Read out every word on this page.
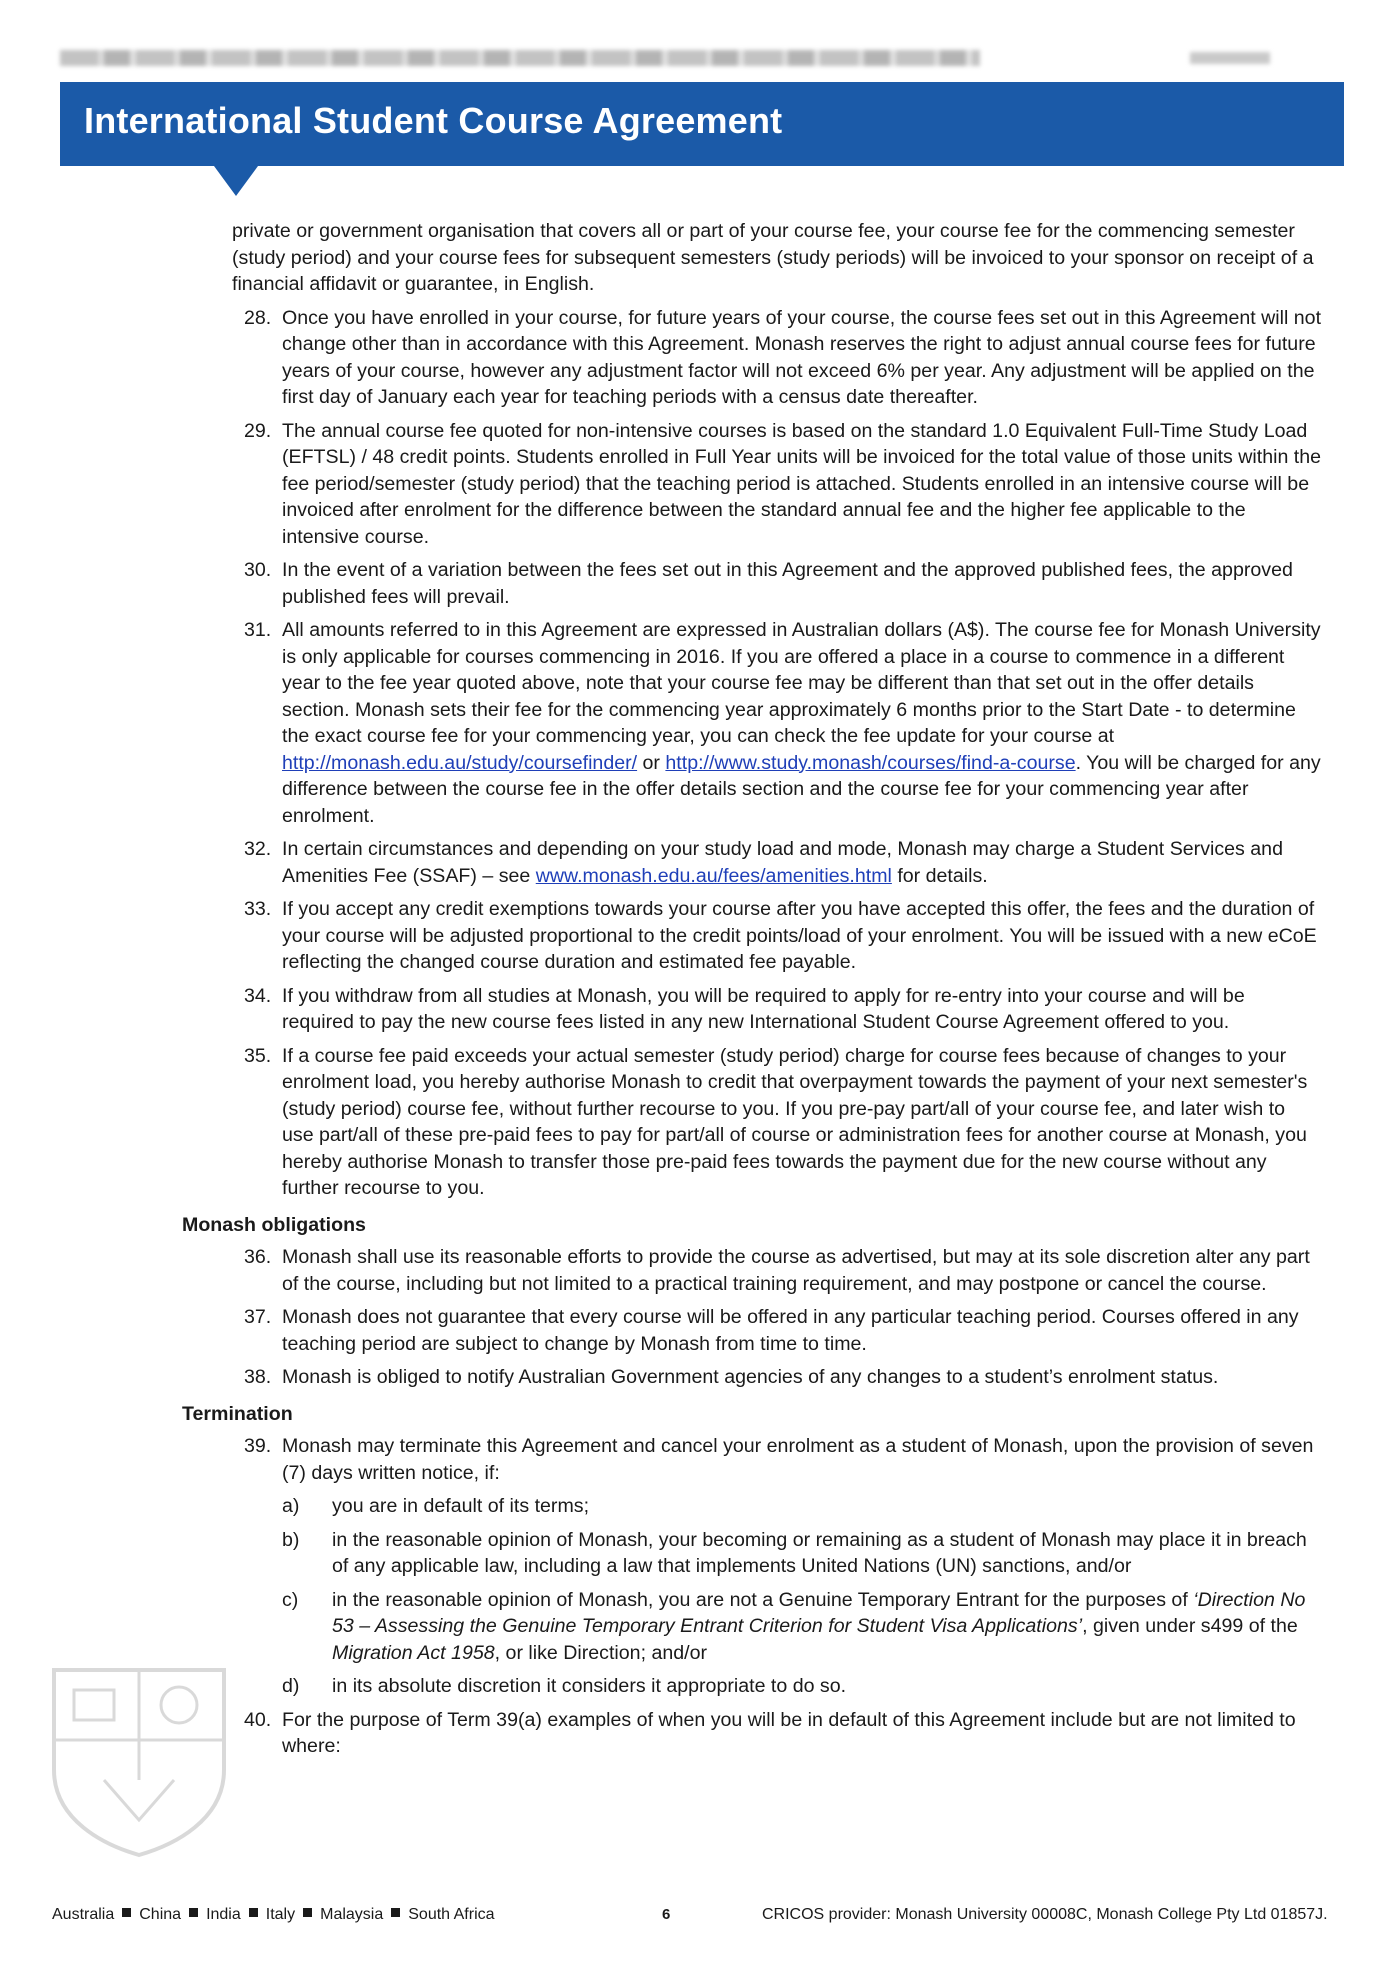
International Student Course Agreement

private or government organisation that covers all or part of your course fee, your course fee for the commencing semester (study period) and your course fees for subsequent semesters (study periods) will be invoiced to your sponsor on receipt of a financial affidavit or guarantee, in English.

28. Once you have enrolled in your course, for future years of your course, the course fees set out in this Agreement will not change other than in accordance with this Agreement. Monash reserves the right to adjust annual course fees for future years of your course, however any adjustment factor will not exceed 6% per year. Any adjustment will be applied on the first day of January each year for teaching periods with a census date thereafter.
29. The annual course fee quoted for non-intensive courses is based on the standard 1.0 Equivalent Full-Time Study Load (EFTSL) / 48 credit points. Students enrolled in Full Year units will be invoiced for the total value of those units within the fee period/semester (study period) that the teaching period is attached. Students enrolled in an intensive course will be invoiced after enrolment for the difference between the standard annual fee and the higher fee applicable to the intensive course.
30. In the event of a variation between the fees set out in this Agreement and the approved published fees, the approved published fees will prevail.
31. All amounts referred to in this Agreement are expressed in Australian dollars (A$). The course fee for Monash University is only applicable for courses commencing in 2016. If you are offered a place in a course to commence in a different year to the fee year quoted above, note that your course fee may be different than that set out in the offer details section. Monash sets their fee for the commencing year approximately 6 months prior to the Start Date - to determine the exact course fee for your commencing year, you can check the fee update for your course at http://monash.edu.au/study/coursefinder/ or http://www.study.monash/courses/find-a-course. You will be charged for any difference between the course fee in the offer details section and the course fee for your commencing year after enrolment.
32. In certain circumstances and depending on your study load and mode, Monash may charge a Student Services and Amenities Fee (SSAF) – see www.monash.edu.au/fees/amenities.html for details.
33. If you accept any credit exemptions towards your course after you have accepted this offer, the fees and the duration of your course will be adjusted proportional to the credit points/load of your enrolment. You will be issued with a new eCoE reflecting the changed course duration and estimated fee payable.
34. If you withdraw from all studies at Monash, you will be required to apply for re-entry into your course and will be required to pay the new course fees listed in any new International Student Course Agreement offered to you.
35. If a course fee paid exceeds your actual semester (study period) charge for course fees because of changes to your enrolment load, you hereby authorise Monash to credit that overpayment towards the payment of your next semester's (study period) course fee, without further recourse to you. If you pre-pay part/all of your course fee, and later wish to use part/all of these pre-paid fees to pay for part/all of course or administration fees for another course at Monash, you hereby authorise Monash to transfer those pre-paid fees towards the payment due for the new course without any further recourse to you.
Monash obligations
36. Monash shall use its reasonable efforts to provide the course as advertised, but may at its sole discretion alter any part of the course, including but not limited to a practical training requirement, and may postpone or cancel the course.
37. Monash does not guarantee that every course will be offered in any particular teaching period. Courses offered in any teaching period are subject to change by Monash from time to time.
38. Monash is obliged to notify Australian Government agencies of any changes to a student’s enrolment status.
Termination
39. Monash may terminate this Agreement and cancel your enrolment as a student of Monash, upon the provision of seven (7) days written notice, if:
a) you are in default of its terms;
b) in the reasonable opinion of Monash, your becoming or remaining as a student of Monash may place it in breach of any applicable law, including a law that implements United Nations (UN) sanctions, and/or
c) in the reasonable opinion of Monash, you are not a Genuine Temporary Entrant for the purposes of ‘Direction No 53 – Assessing the Genuine Temporary Entrant Criterion for Student Visa Applications’, given under s499 of the Migration Act 1958, or like Direction; and/or
d) in its absolute discretion it considers it appropriate to do so.
40. For the purpose of Term 39(a) examples of when you will be in default of this Agreement include but are not limited to where:
Australia China India Italy Malaysia South Africa	6	CRICOS provider: Monash University 00008C, Monash College Pty Ltd 01857J.
